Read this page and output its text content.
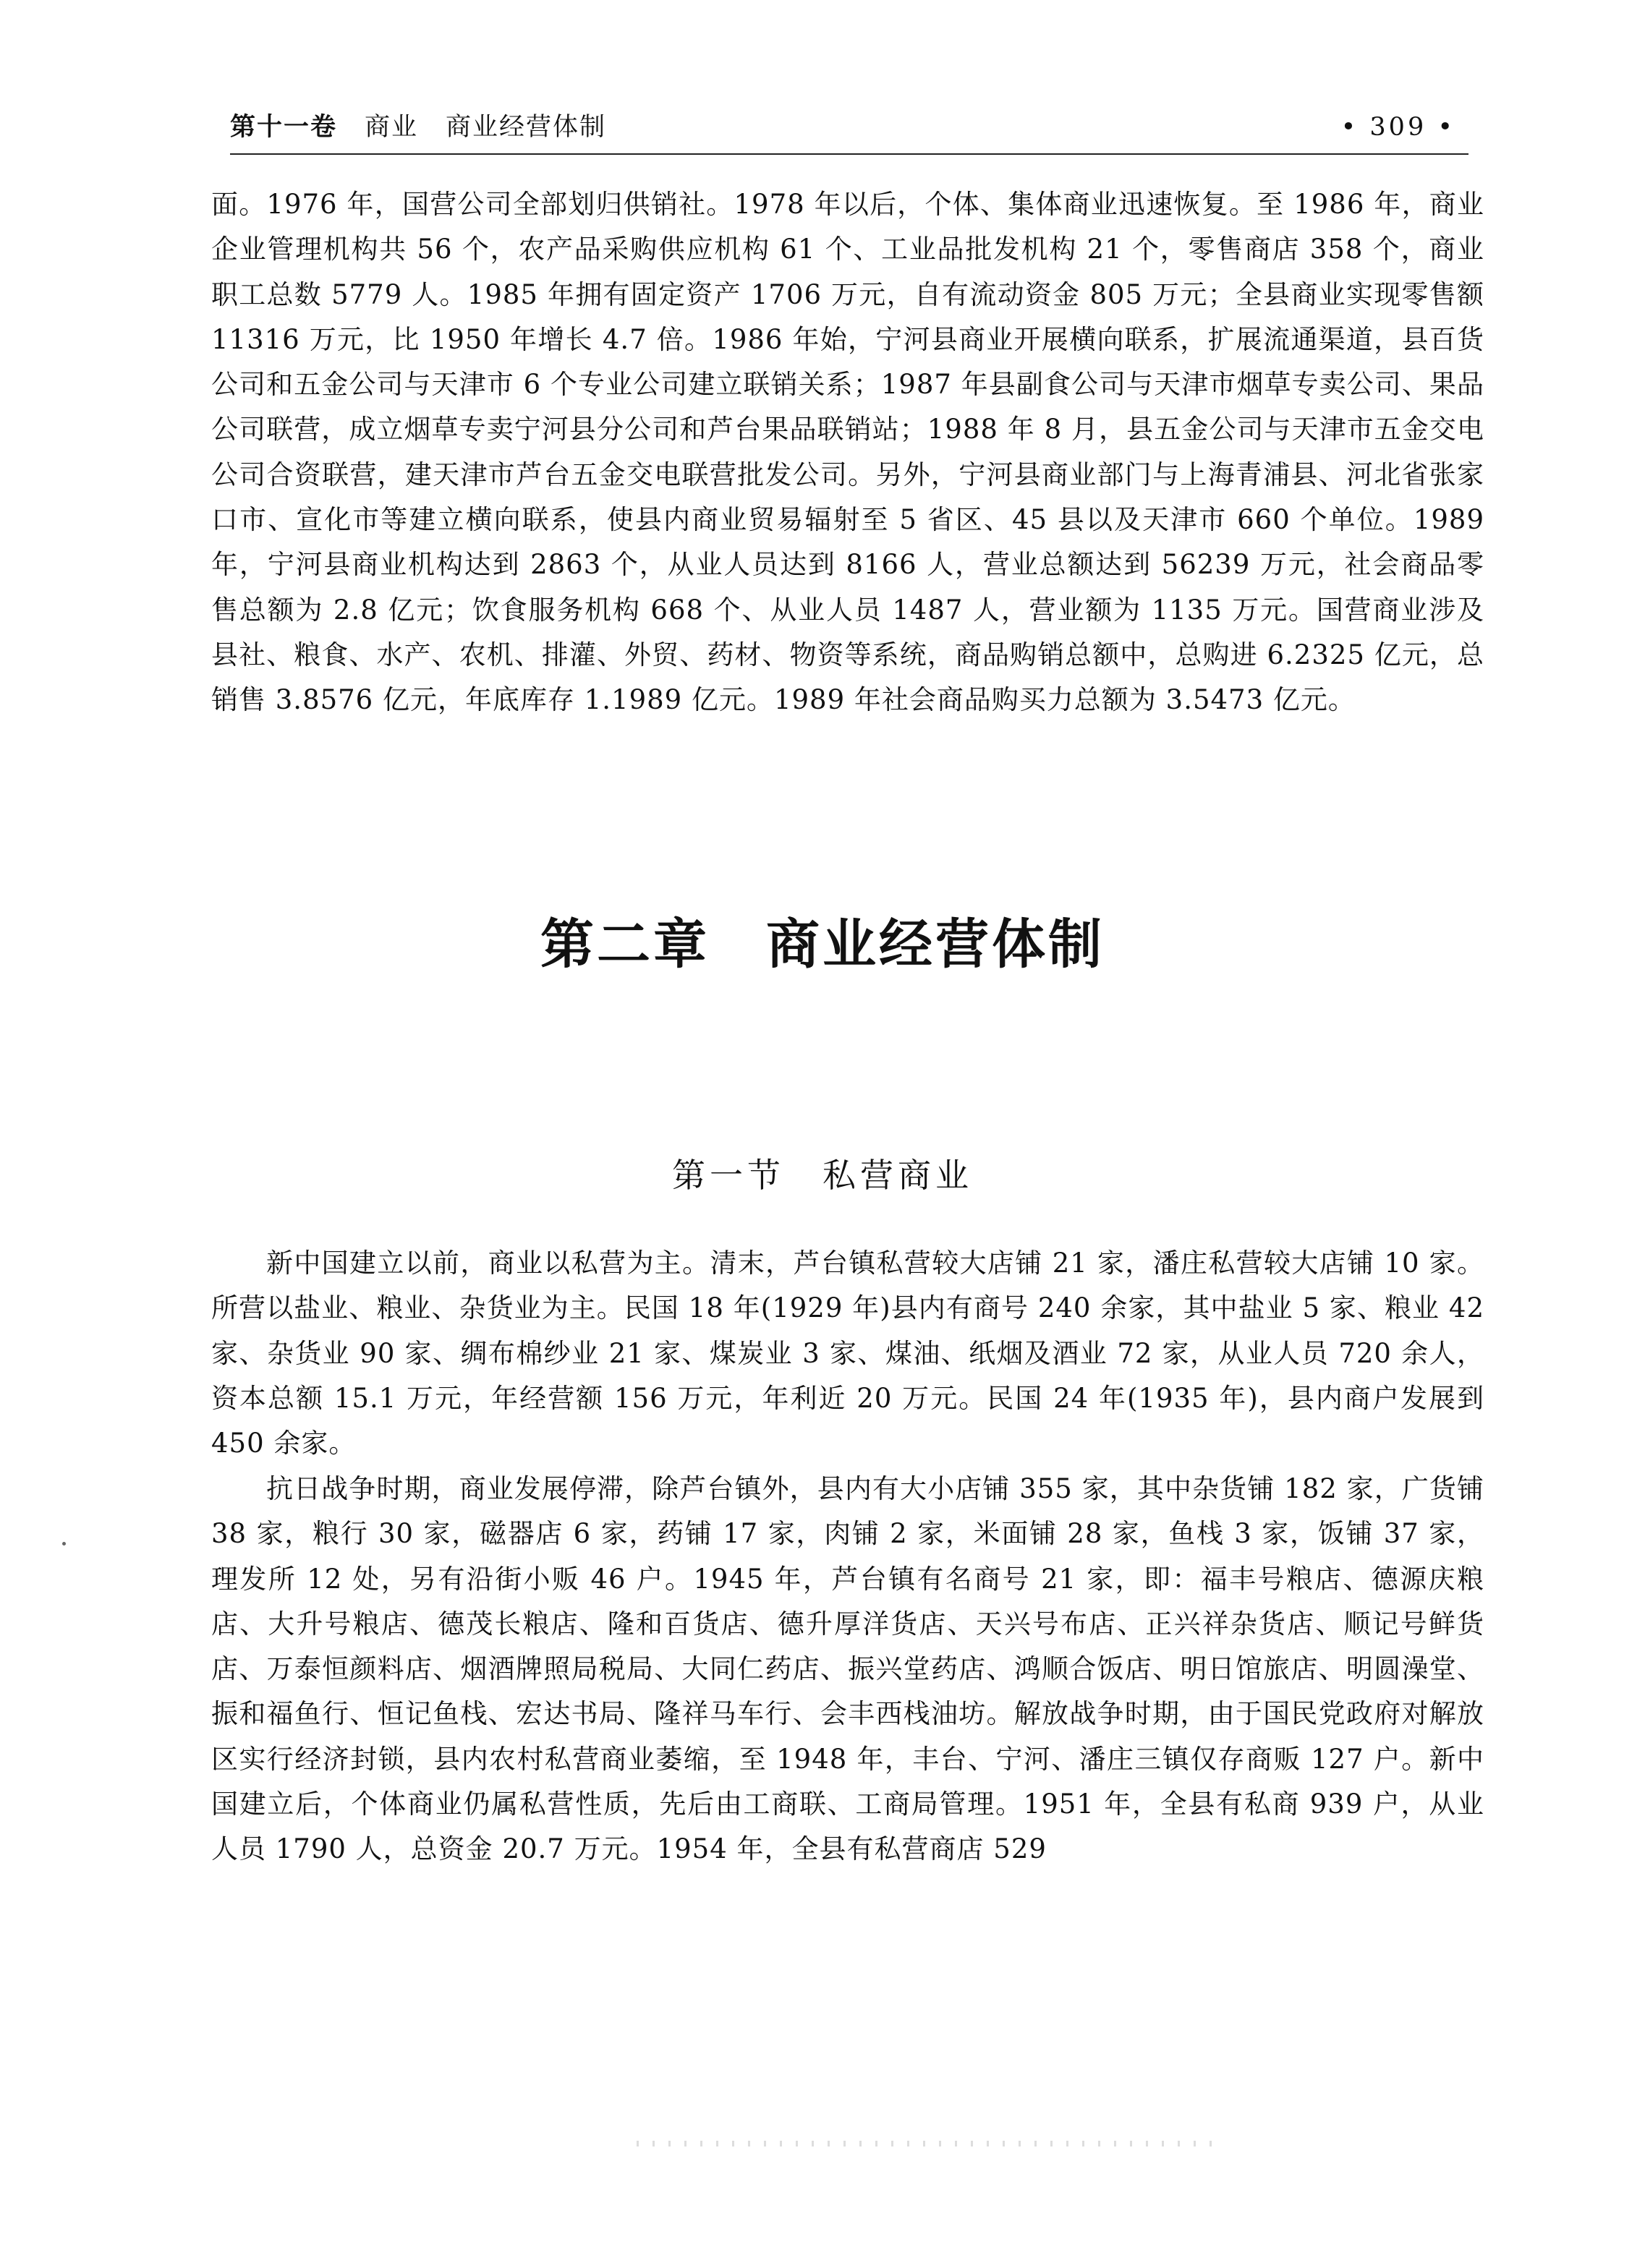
第十一卷 商业 商业经营体制	• 309 •

面。1976 年，国营公司全部划归供销社。1978 年以后，个体、集体商业迅速恢复。至 1986 年，商业企业管理机构共 56 个，农产品采购供应机构 61 个、工业品批发机构 21 个，零售商店 358 个，商业职工总数 5779 人。1985 年拥有固定资产 1706 万元，自有流动资金 805 万元；全县商业实现零售额 11316 万元，比 1950 年增长 4.7 倍。1986 年始，宁河县商业开展横向联系，扩展流通渠道，县百货公司和五金公司与天津市 6 个专业公司建立联销关系；1987 年县副食公司与天津市烟草专卖公司、果品公司联营，成立烟草专卖宁河县分公司和芦台果品联销站；1988 年 8 月，县五金公司与天津市五金交电公司合资联营，建天津市芦台五金交电联营批发公司。另外，宁河县商业部门与上海青浦县、河北省张家口市、宣化市等建立横向联系，使县内商业贸易辐射至 5 省区、45 县以及天津市 660 个单位。1989 年，宁河县商业机构达到 2863 个，从业人员达到 8166 人，营业总额达到 56239 万元，社会商品零售总额为 2.8 亿元；饮食服务机构 668 个、从业人员 1487 人，营业额为 1135 万元。国营商业涉及县社、粮食、水产、农机、排灌、外贸、药材、物资等系统，商品购销总额中，总购进 6.2325 亿元，总销售 3.8576 亿元，年底库存 1.1989 亿元。1989 年社会商品购买力总额为 3.5473 亿元。

第二章　商业经营体制
第一节　私营商业

新中国建立以前，商业以私营为主。清末，芦台镇私营较大店铺 21 家，潘庄私营较大店铺 10 家。所营以盐业、粮业、杂货业为主。民国 18 年(1929 年)县内有商号 240 余家，其中盐业 5 家、粮业 42 家、杂货业 90 家、绸布棉纱业 21 家、煤炭业 3 家、煤油、纸烟及酒业 72 家，从业人员 720 余人，资本总额 15.1 万元，年经营额 156 万元，年利近 20 万元。民国 24 年(1935 年)，县内商户发展到 450 余家。

抗日战争时期，商业发展停滞，除芦台镇外，县内有大小店铺 355 家，其中杂货铺 182 家，广货铺 38 家，粮行 30 家，磁器店 6 家，药铺 17 家，肉铺 2 家，米面铺 28 家，鱼栈 3 家，饭铺 37 家，理发所 12 处，另有沿街小贩 46 户。1945 年，芦台镇有名商号 21 家，即：福丰号粮店、德源庆粮店、大升号粮店、德茂长粮店、隆和百货店、德升厚洋货店、天兴号布店、正兴祥杂货店、顺记号鲜货店、万泰恒颜料店、烟酒牌照局税局、大同仁药店、振兴堂药店、鸿顺合饭店、明日馆旅店、明圆澡堂、振和福鱼行、恒记鱼栈、宏达书局、隆祥马车行、会丰西栈油坊。解放战争时期，由于国民党政府对解放区实行经济封锁，县内农村私营商业萎缩，至 1948 年，丰台、宁河、潘庄三镇仅存商贩 127 户。新中国建立后，个体商业仍属私营性质，先后由工商联、工商局管理。1951 年，全县有私商 939 户，从业人员 1790 人，总资金 20.7 万元。1954 年，全县有私营商店 529
